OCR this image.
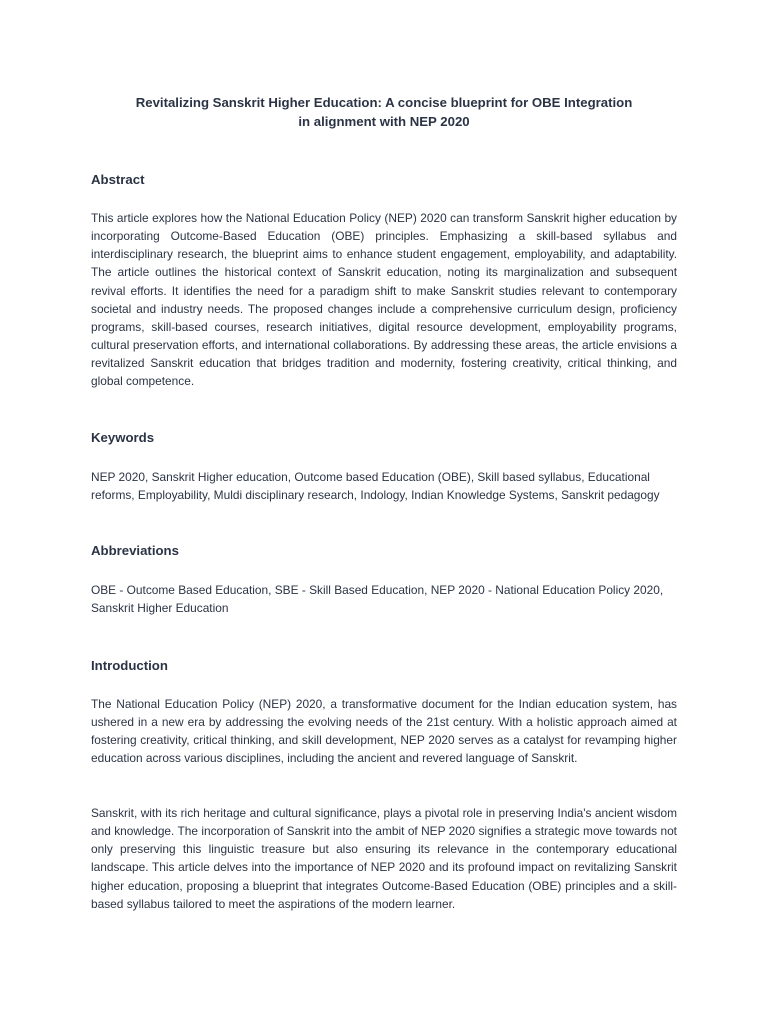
Revitalizing Sanskrit Higher Education: A concise blueprint for OBE Integration
in alignment with NEP 2020
Abstract
This article explores how the National Education Policy (NEP) 2020 can transform Sanskrit higher education by incorporating Outcome-Based Education (OBE) principles. Emphasizing a skill-based syllabus and interdisciplinary research, the blueprint aims to enhance student engagement, employability, and adaptability. The article outlines the historical context of Sanskrit education, noting its marginalization and subsequent revival efforts. It identifies the need for a paradigm shift to make Sanskrit studies relevant to contemporary societal and industry needs. The proposed changes include a comprehensive curriculum design, proficiency programs, skill-based courses, research initiatives, digital resource development, employability programs, cultural preservation efforts, and international collaborations. By addressing these areas, the article envisions a revitalized Sanskrit education that bridges tradition and modernity, fostering creativity, critical thinking, and global competence.
Keywords
NEP 2020, Sanskrit Higher education, Outcome based Education (OBE), Skill based syllabus, Educational reforms, Employability, Muldi disciplinary research, Indology, Indian Knowledge Systems, Sanskrit pedagogy
Abbreviations
OBE - Outcome Based Education, SBE - Skill Based Education, NEP 2020 - National Education Policy 2020, Sanskrit Higher Education
Introduction
The National Education Policy (NEP) 2020, a transformative document for the Indian education system, has ushered in a new era by addressing the evolving needs of the 21st century. With a holistic approach aimed at fostering creativity, critical thinking, and skill development, NEP 2020 serves as a catalyst for revamping higher education across various disciplines, including the ancient and revered language of Sanskrit.
Sanskrit, with its rich heritage and cultural significance, plays a pivotal role in preserving India's ancient wisdom and knowledge. The incorporation of Sanskrit into the ambit of NEP 2020 signifies a strategic move towards not only preserving this linguistic treasure but also ensuring its relevance in the contemporary educational landscape. This article delves into the importance of NEP 2020 and its profound impact on revitalizing Sanskrit higher education, proposing a blueprint that integrates Outcome-Based Education (OBE) principles and a skill-based syllabus tailored to meet the aspirations of the modern learner.
